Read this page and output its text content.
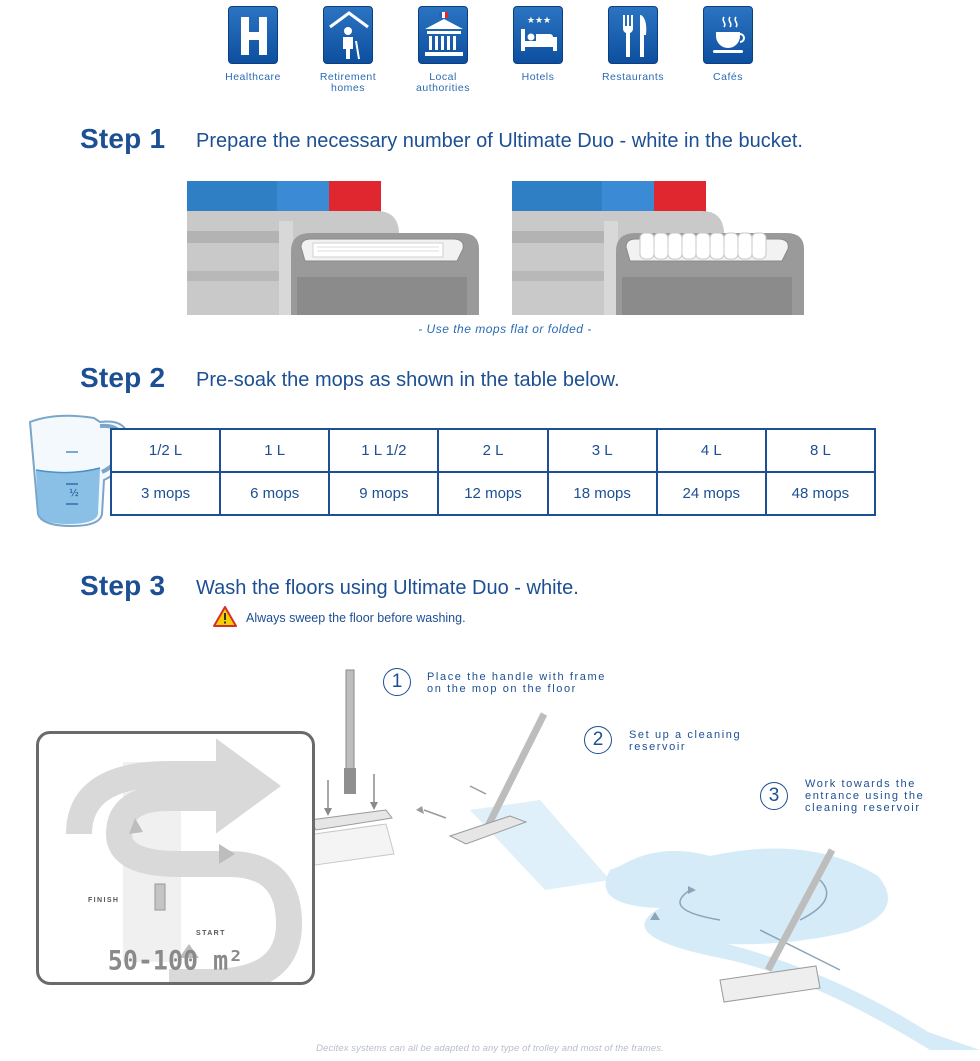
Healthcare	Retirement
homes
Local
authorities
★★★
Hotels	Restaurants	Cafés
Step 1 Prepare the necessary number of Ultimate Duo - white in the bucket.
- Use the mops flat or folded -
Step 2 Pre-soak the mops as shown in the table below.
½
1/2 L	1 L	1 L 1/2	2 L	3 L	4 L	8 L
3 mops	6 mops	9 mops	12 mops	18 mops	24 mops	48 mops
Step 3 Wash the floors using Ultimate Duo - white.
Always sweep the floor before washing.
1	Place the handle with frame
on the mop on the floor
2	Set up a cleaning
reservoir
3
Work towards the
entrance using the
cleaning reservoir
FINISH
START
50-100 m²
Decitex systems can all be adapted to any type of trolley and most of the frames.
